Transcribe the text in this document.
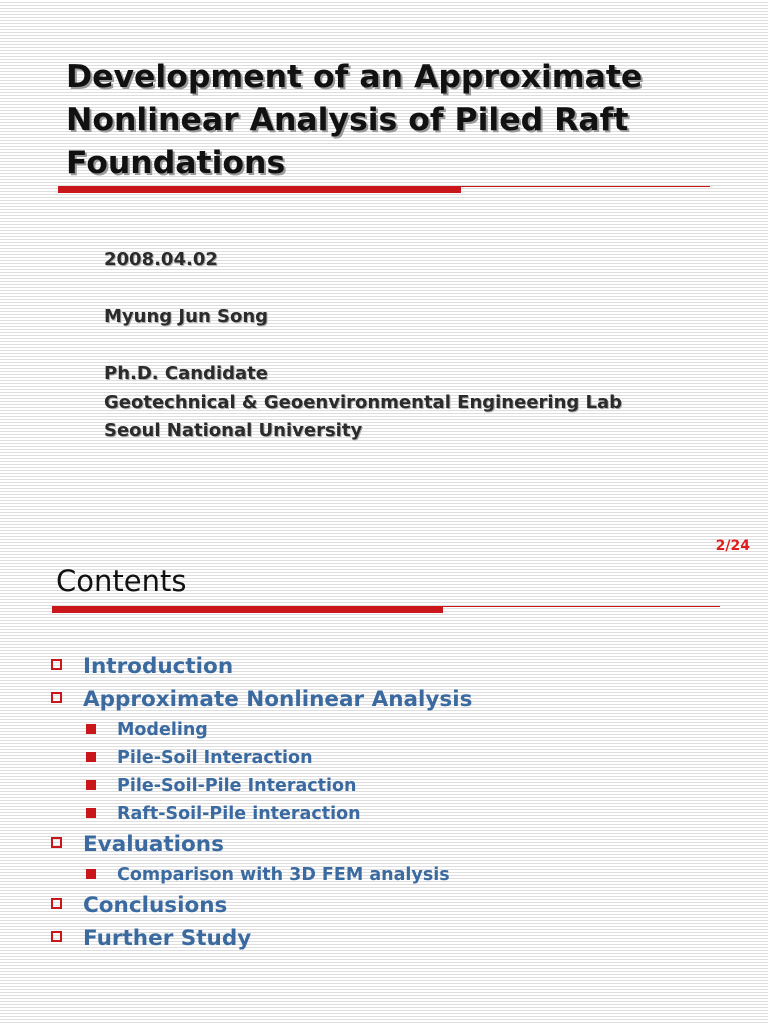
Development of an Approximate Nonlinear Analysis of Piled Raft Foundations

2008.04.02

Myung Jun Song

Ph.D. Candidate

Geotechnical & Geoenvironmental Engineering Lab

Seoul National University

2/24
Contents
Introduction
Approximate Nonlinear Analysis
Modeling
Pile-Soil Interaction
Pile-Soil-Pile Interaction
Raft-Soil-Pile interaction
Evaluations
Comparison with 3D FEM analysis
Conclusions
Further Study
